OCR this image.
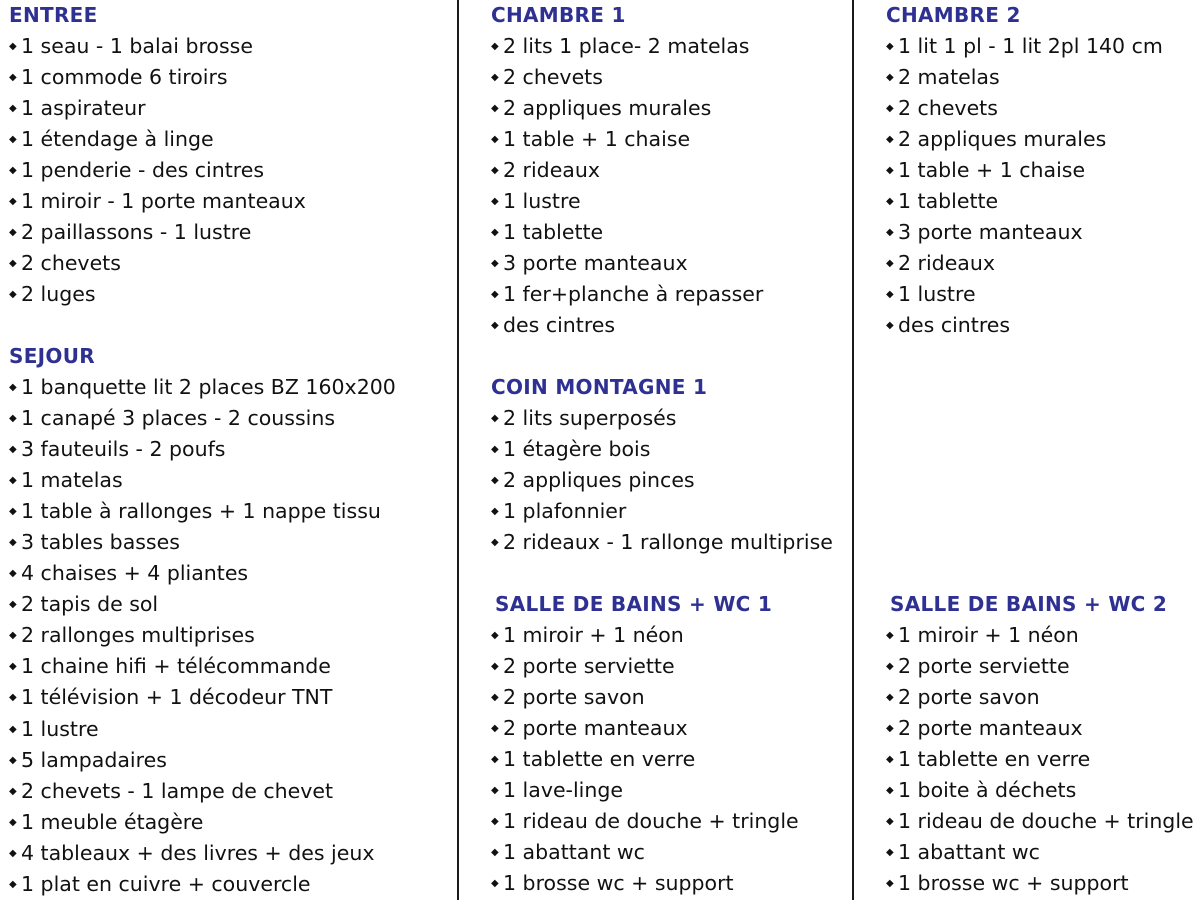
ENTREE
◆ 1 seau - 1 balai brosse
◆ 1 commode 6 tiroirs
◆ 1 aspirateur
◆ 1 étendage à linge
◆ 1 penderie - des cintres
◆ 1 miroir - 1 porte manteaux
◆ 2 paillassons - 1 lustre
◆ 2 chevets
◆ 2 luges
SEJOUR
◆ 1 banquette lit 2 places BZ 160x200
◆ 1 canapé 3 places - 2 coussins
◆ 3 fauteuils - 2 poufs
◆ 1 matelas
◆ 1 table à rallonges + 1 nappe tissu
◆ 3 tables basses
◆ 4 chaises + 4 pliantes
◆ 2 tapis de sol
◆ 2 rallonges multiprises
◆ 1 chaine hifi + télécommande
◆ 1 télévision + 1 décodeur TNT
◆ 1 lustre
◆ 5 lampadaires
◆ 2 chevets - 1 lampe de chevet
◆ 1 meuble étagère
◆ 4 tableaux + des livres + des jeux
◆ 1 plat en cuivre + couvercle
CHAMBRE 1
◆ 2 lits 1 place- 2 matelas
◆ 2 chevets
◆ 2 appliques murales
◆ 1 table + 1 chaise
◆ 2 rideaux
◆ 1 lustre
◆ 1 tablette
◆ 3 porte manteaux
◆ 1 fer+planche à repasser
◆ des cintres
COIN MONTAGNE 1
◆ 2 lits superposés
◆ 1 étagère bois
◆ 2 appliques pinces
◆ 1 plafonnier
◆ 2 rideaux - 1 rallonge multiprise
SALLE DE BAINS + WC 1
◆ 1 miroir + 1 néon
◆ 2 porte serviette
◆ 2 porte savon
◆ 2 porte manteaux
◆ 1 tablette en verre
◆ 1 lave-linge
◆ 1 rideau de douche + tringle
◆ 1 abattant wc
◆ 1 brosse wc + support
CHAMBRE 2
◆ 1 lit 1 pl - 1 lit 2pl 140 cm
◆ 2 matelas
◆ 2 chevets
◆ 2 appliques murales
◆ 1 table + 1 chaise
◆ 1 tablette
◆ 3 porte manteaux
◆ 2 rideaux
◆ 1 lustre
◆ des cintres
SALLE DE BAINS + WC 2
◆ 1 miroir + 1 néon
◆ 2 porte serviette
◆ 2 porte savon
◆ 2 porte manteaux
◆ 1 tablette en verre
◆ 1 boite à déchets
◆ 1 rideau de douche + tringle
◆ 1 abattant wc
◆ 1 brosse wc + support
